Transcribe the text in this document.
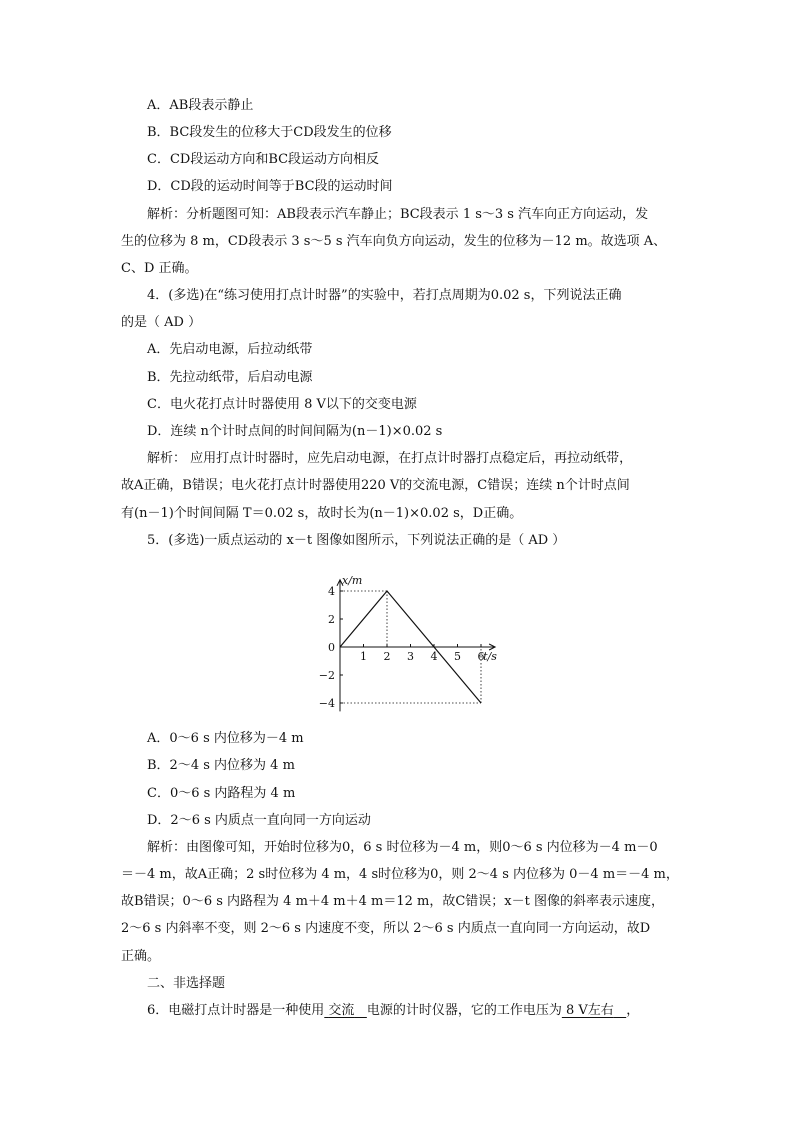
A．AB段表示静止
B．BC段发生的位移大于CD段发生的位移
C．CD段运动方向和BC段运动方向相反
D．CD段的运动时间等于BC段的运动时间
解析：分析题图可知：AB段表示汽车静止；BC段表示 1 s～3 s 汽车向正方向运动，发
生的位移为 8 m，CD段表示 3 s～5 s 汽车向负方向运动，发生的位移为－12 m。故选项 A、
C、D 正确。
4．(多选)在“练习使用打点计时器”的实验中，若打点周期为0.02 s，下列说法正确
的是（ AD ）
A．先启动电源，后拉动纸带
B．先拉动纸带，后启动电源
C．电火花打点计时器使用 8 V以下的交变电源
D．连续 n个计时点间的时间间隔为(n－1)×0.02 s
解析： 应用打点计时器时，应先启动电源，在打点计时器打点稳定后，再拉动纸带，
故A正确，B错误；电火花打点计时器使用220 V的交流电源，C错误；连续 n个计时点间
有(n－1)个时间间隔 T＝0.02 s，故时长为(n－1)×0.02 s，D正确。
5．(多选)一质点运动的 x－t 图像如图所示，下列说法正确的是（ AD ）
x/m
t/s
1 2 3 4 5 6
4
2
0
−2
−4
A．0～6 s 内位移为－4 m
B．2～4 s 内位移为 4 m
C．0～6 s 内路程为 4 m
D．2～6 s 内质点一直向同一方向运动
解析：由图像可知，开始时位移为0，6 s 时位移为－4 m，则0～6 s 内位移为－4 m－0
＝－4 m，故A正确；2 s时位移为 4 m，4 s时位移为0，则 2～4 s 内位移为 0－4 m＝－4 m，
故B错误；0～6 s 内路程为 4 m＋4 m＋4 m＝12 m，故C错误；x－t 图像的斜率表示速度，
2～6 s 内斜率不变，则 2～6 s 内速度不变，所以 2～6 s 内质点一直向同一方向运动，故D
正确。
二、非选择题
6．电磁打点计时器是一种使用 交流 电源的计时仪器，它的工作电压为 8 V左右 ，
